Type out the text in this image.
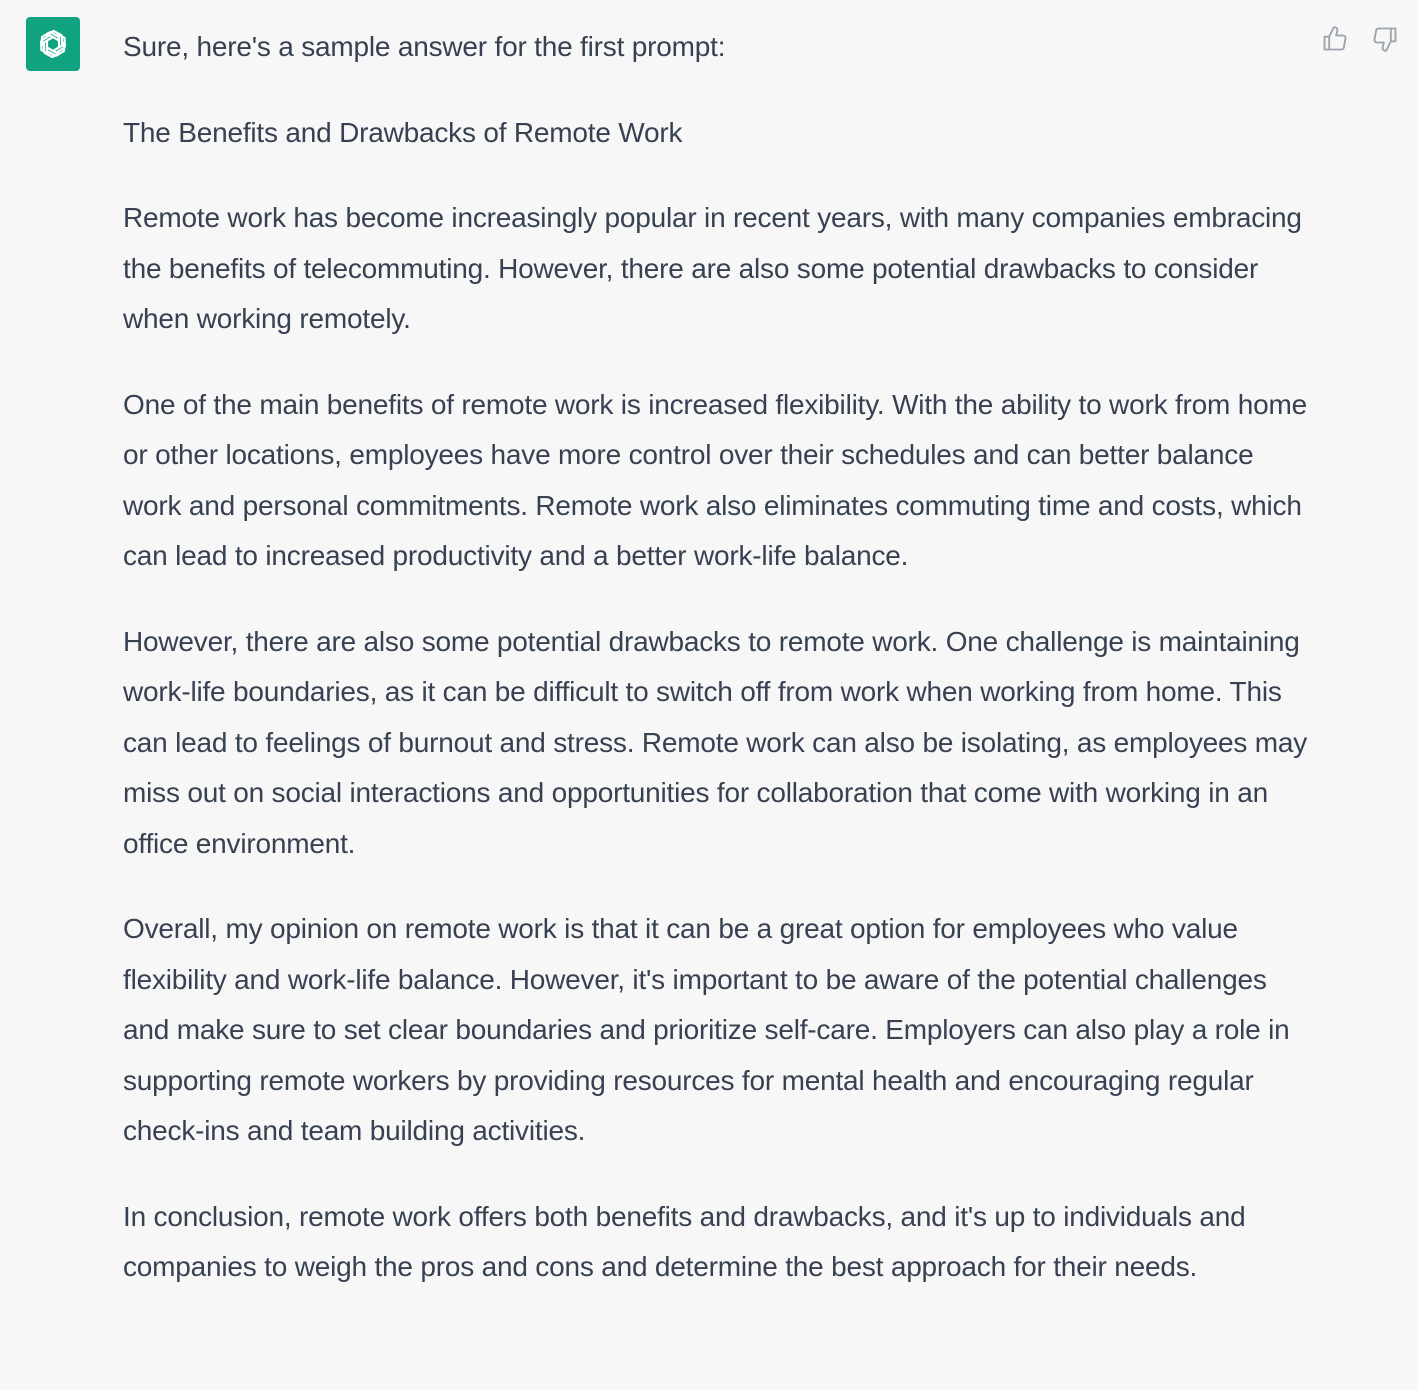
Sure, here's a sample answer for the first prompt:

The Benefits and Drawbacks of Remote Work

Remote work has become increasingly popular in recent years, with many companies embracing the benefits of telecommuting. However, there are also some potential drawbacks to consider when working remotely.

One of the main benefits of remote work is increased flexibility. With the ability to work from home or other locations, employees have more control over their schedules and can better balance work and personal commitments. Remote work also eliminates commuting time and costs, which can lead to increased productivity and a better work-life balance.

However, there are also some potential drawbacks to remote work. One challenge is maintaining work-life boundaries, as it can be difficult to switch off from work when working from home. This can lead to feelings of burnout and stress. Remote work can also be isolating, as employees may miss out on social interactions and opportunities for collaboration that come with working in an office environment.

Overall, my opinion on remote work is that it can be a great option for employees who value flexibility and work-life balance. However, it's important to be aware of the potential challenges and make sure to set clear boundaries and prioritize self-care. Employers can also play a role in supporting remote workers by providing resources for mental health and encouraging regular check-ins and team building activities.

In conclusion, remote work offers both benefits and drawbacks, and it's up to individuals and companies to weigh the pros and cons and determine the best approach for their needs.
